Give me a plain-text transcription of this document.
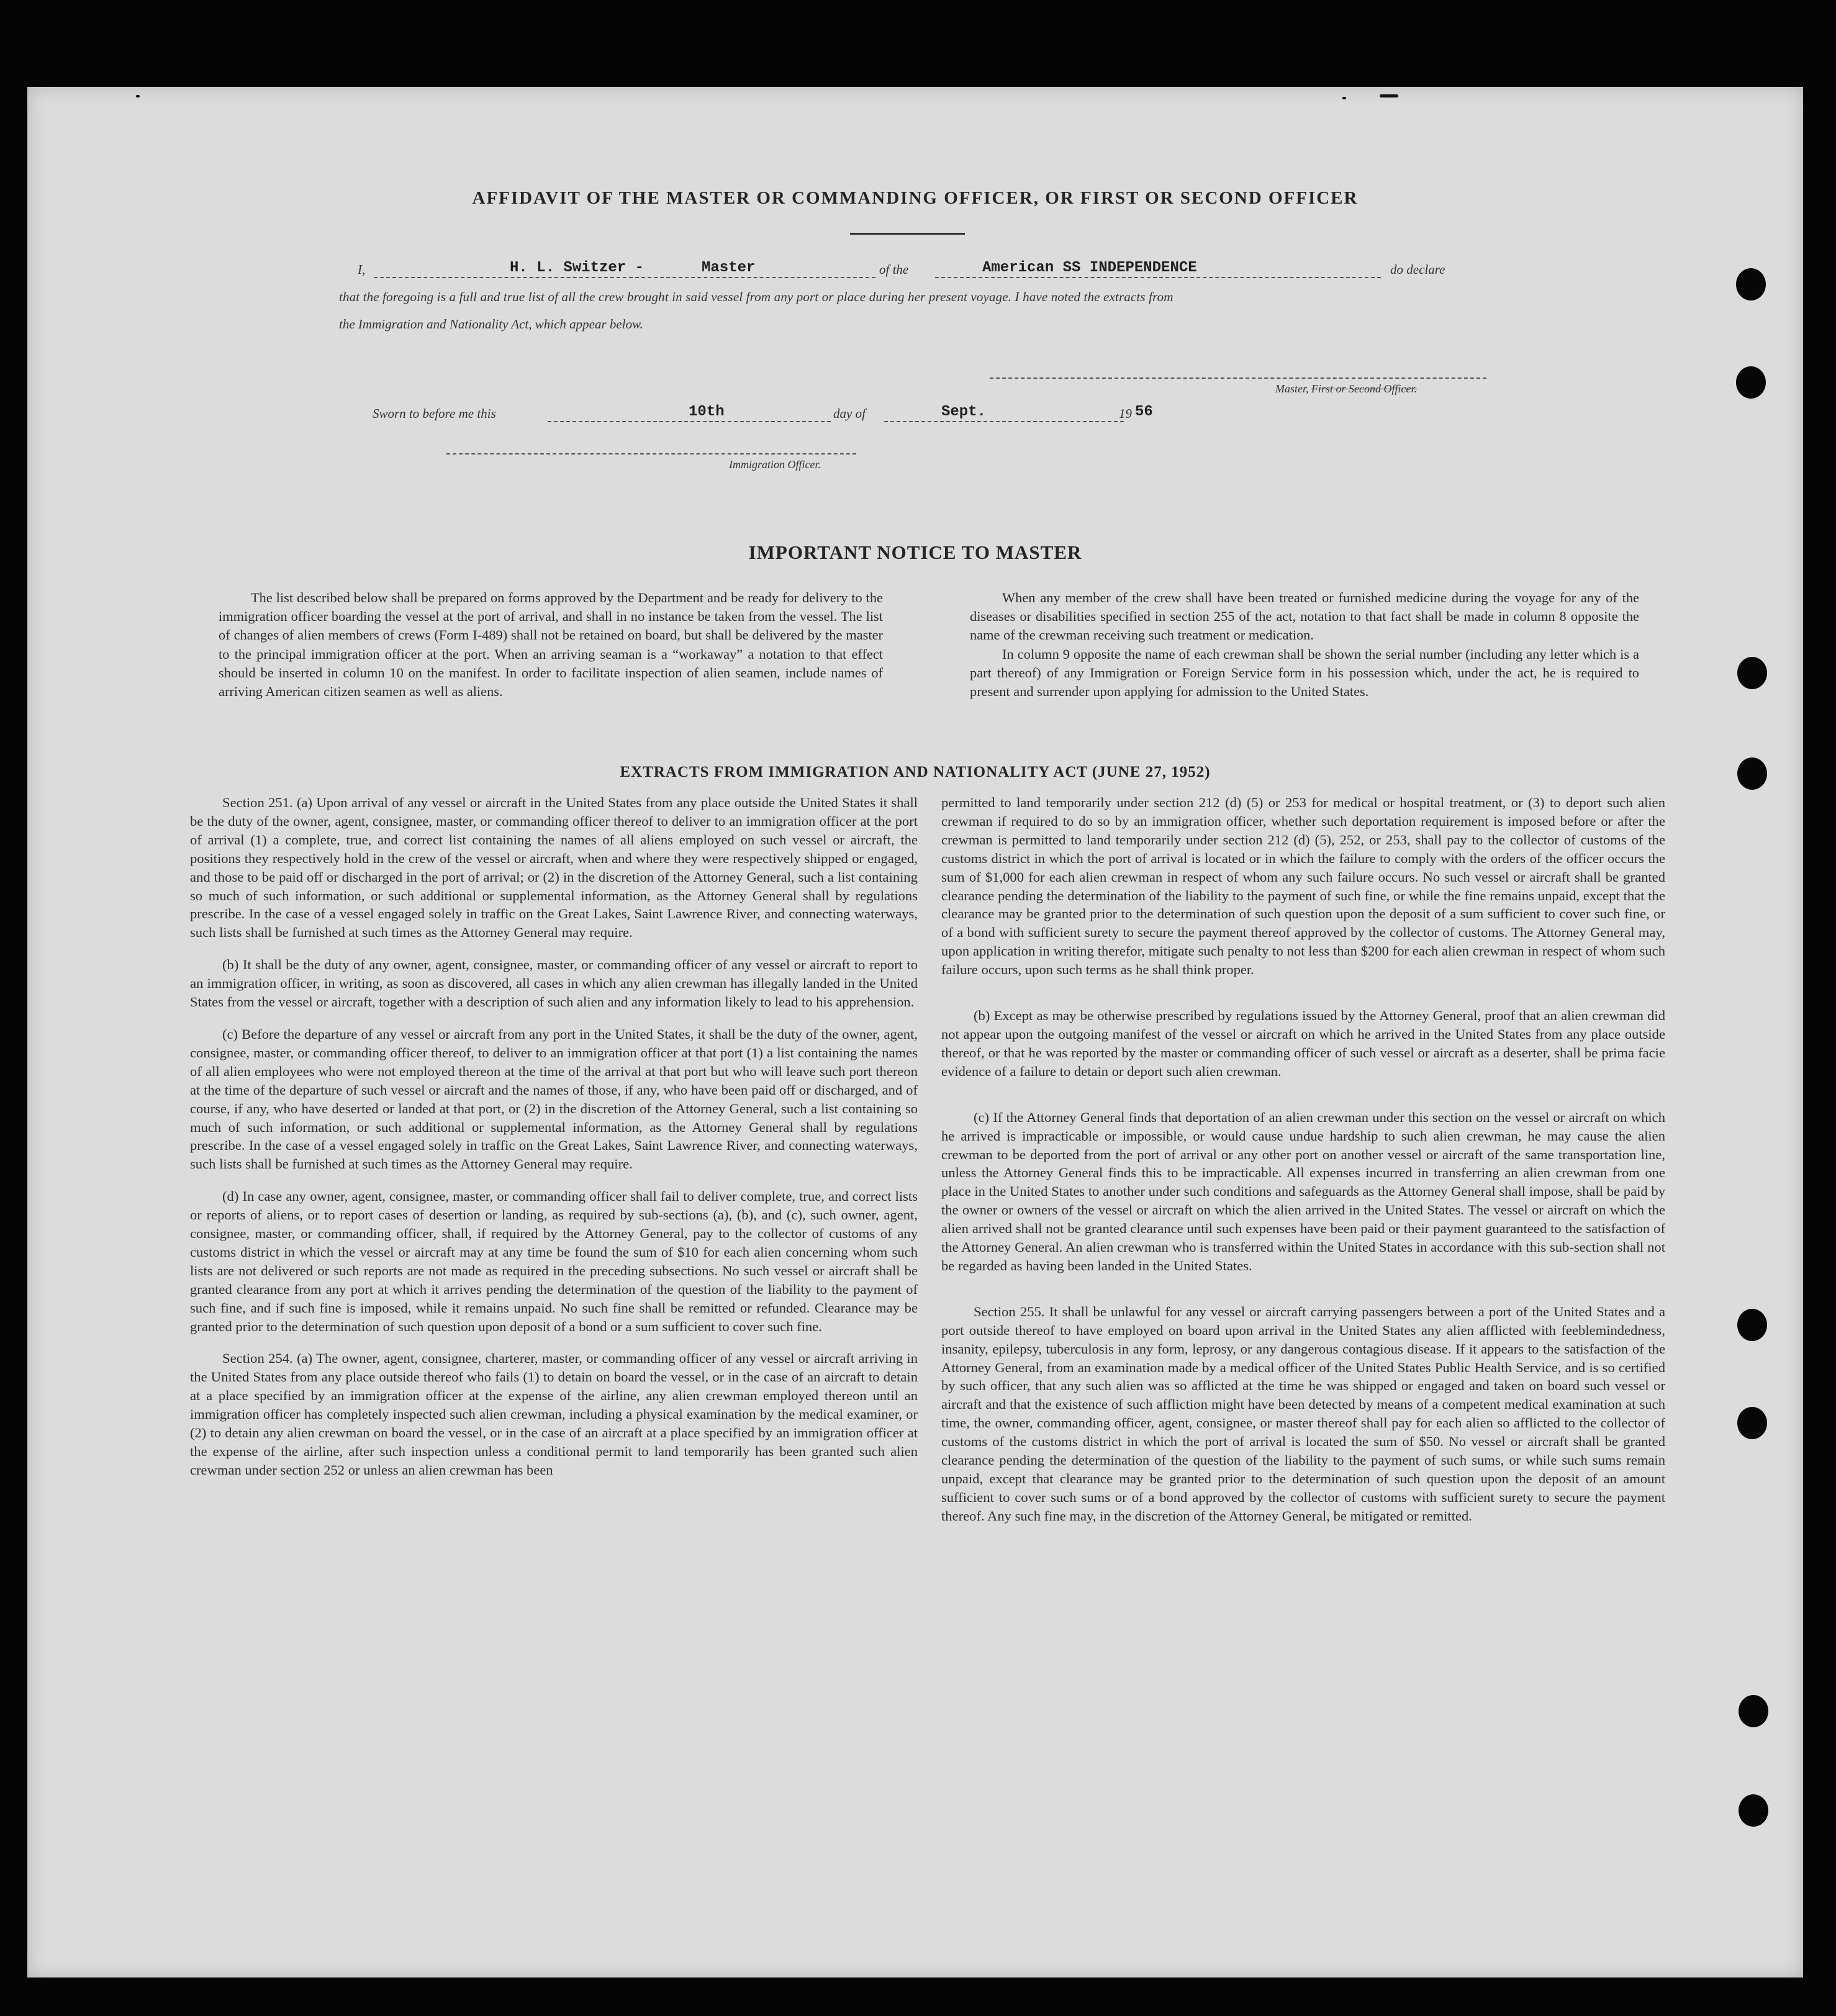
AFFIDAVIT OF THE MASTER OR COMMANDING OFFICER, OR FIRST OR SECOND OFFICER
I,	H. L. Switzer -	Master	of the	American SS INDEPENDENCE	do declare
that the foregoing is a full and true list of all the crew brought in said vessel from any port or place during her present voyage. I have noted the extracts from
the Immigration and Nationality Act, which appear below.
Master, First or Second Officer.
Sworn to before me this	10th	day of	Sept.	19 56
Immigration Officer.
IMPORTANT NOTICE TO MASTER

The list described below shall be prepared on forms approved by the Department and be ready for delivery to the immigration officer boarding the vessel at the port of arrival, and shall in no instance be taken from the vessel. The list of changes of alien members of crews (Form I-489) shall not be retained on board, but shall be delivered by the master to the principal immigration officer at the port. When an arriving seaman is a “workaway” a notation to that effect should be inserted in column 10 on the manifest. In order to facilitate inspection of alien seamen, include names of arriving American citizen seamen as well as aliens.

When any member of the crew shall have been treated or furnished medicine during the voyage for any of the diseases or disabilities specified in section 255 of the act, notation to that fact shall be made in column 8 opposite the name of the crewman receiving such treatment or medication.

In column 9 opposite the name of each crewman shall be shown the serial number (including any letter which is a part thereof) of any Immigration or Foreign Service form in his possession which, under the act, he is required to present and surrender upon applying for admission to the United States.

EXTRACTS FROM IMMIGRATION AND NATIONALITY ACT (JUNE 27, 1952)

Section 251. (a) Upon arrival of any vessel or aircraft in the United States from any place outside the United States it shall be the duty of the owner, agent, consignee, master, or commanding officer thereof to deliver to an immigration officer at the port of arrival (1) a complete, true, and correct list containing the names of all aliens employed on such vessel or aircraft, the positions they respectively hold in the crew of the vessel or aircraft, when and where they were respectively shipped or engaged, and those to be paid off or discharged in the port of arrival; or (2) in the discretion of the Attorney General, such a list containing so much of such information, or such additional or supplemental information, as the Attorney General shall by regulations prescribe. In the case of a vessel engaged solely in traffic on the Great Lakes, Saint Lawrence River, and connecting waterways, such lists shall be furnished at such times as the Attorney General may require.

(b) It shall be the duty of any owner, agent, consignee, master, or commanding officer of any vessel or aircraft to report to an immigration officer, in writing, as soon as discovered, all cases in which any alien crewman has illegally landed in the United States from the vessel or aircraft, together with a description of such alien and any information likely to lead to his apprehension.

(c) Before the departure of any vessel or aircraft from any port in the United States, it shall be the duty of the owner, agent, consignee, master, or commanding officer thereof, to deliver to an immigration officer at that port (1) a list containing the names of all alien employees who were not employed thereon at the time of the arrival at that port but who will leave such port thereon at the time of the departure of such vessel or aircraft and the names of those, if any, who have been paid off or discharged, and of course, if any, who have deserted or landed at that port, or (2) in the discretion of the Attorney General, such a list containing so much of such information, or such additional or supplemental information, as the Attorney General shall by regulations prescribe. In the case of a vessel engaged solely in traffic on the Great Lakes, Saint Lawrence River, and connecting waterways, such lists shall be furnished at such times as the Attorney General may require.

(d) In case any owner, agent, consignee, master, or commanding officer shall fail to deliver complete, true, and correct lists or reports of aliens, or to report cases of desertion or landing, as required by sub-sections (a), (b), and (c), such owner, agent, consignee, master, or commanding officer, shall, if required by the Attorney General, pay to the collector of customs of any customs district in which the vessel or aircraft may at any time be found the sum of $10 for each alien concerning whom such lists are not delivered or such reports are not made as required in the preceding subsections. No such vessel or aircraft shall be granted clearance from any port at which it arrives pending the determination of the question of the liability to the payment of such fine, and if such fine is imposed, while it remains unpaid. No such fine shall be remitted or refunded. Clearance may be granted prior to the determination of such question upon deposit of a bond or a sum sufficient to cover such fine.

Section 254. (a) The owner, agent, consignee, charterer, master, or commanding officer of any vessel or aircraft arriving in the United States from any place outside thereof who fails (1) to detain on board the vessel, or in the case of an aircraft to detain at a place specified by an immigration officer at the expense of the airline, any alien crewman employed thereon until an immigration officer has completely inspected such alien crewman, including a physical examination by the medical examiner, or (2) to detain any alien crewman on board the vessel, or in the case of an aircraft at a place specified by an immigration officer at the expense of the airline, after such inspection unless a conditional permit to land temporarily has been granted such alien crewman under section 252 or unless an alien crewman has been

permitted to land temporarily under section 212 (d) (5) or 253 for medical or hospital treatment, or (3) to deport such alien crewman if required to do so by an immigration officer, whether such deportation requirement is imposed before or after the crewman is permitted to land temporarily under section 212 (d) (5), 252, or 253, shall pay to the collector of customs of the customs district in which the port of arrival is located or in which the failure to comply with the orders of the officer occurs the sum of $1,000 for each alien crewman in respect of whom any such failure occurs. No such vessel or aircraft shall be granted clearance pending the determination of the liability to the payment of such fine, or while the fine remains unpaid, except that the clearance may be granted prior to the determination of such question upon the deposit of a sum sufficient to cover such fine, or of a bond with sufficient surety to secure the payment thereof approved by the collector of customs. The Attorney General may, upon application in writing therefor, mitigate such penalty to not less than $200 for each alien crewman in respect of whom such failure occurs, upon such terms as he shall think proper.

(b) Except as may be otherwise prescribed by regulations issued by the Attorney General, proof that an alien crewman did not appear upon the outgoing manifest of the vessel or aircraft on which he arrived in the United States from any place outside thereof, or that he was reported by the master or commanding officer of such vessel or aircraft as a deserter, shall be prima facie evidence of a failure to detain or deport such alien crewman.

(c) If the Attorney General finds that deportation of an alien crewman under this section on the vessel or aircraft on which he arrived is impracticable or impossible, or would cause undue hardship to such alien crewman, he may cause the alien crewman to be deported from the port of arrival or any other port on another vessel or aircraft of the same transportation line, unless the Attorney General finds this to be impracticable. All expenses incurred in transferring an alien crewman from one place in the United States to another under such conditions and safeguards as the Attorney General shall impose, shall be paid by the owner or owners of the vessel or aircraft on which the alien arrived in the United States. The vessel or aircraft on which the alien arrived shall not be granted clearance until such expenses have been paid or their payment guaranteed to the satisfaction of the Attorney General. An alien crewman who is transferred within the United States in accordance with this sub-section shall not be regarded as having been landed in the United States.

Section 255. It shall be unlawful for any vessel or aircraft carrying passengers between a port of the United States and a port outside thereof to have employed on board upon arrival in the United States any alien afflicted with feeblemindedness, insanity, epilepsy, tuberculosis in any form, leprosy, or any dangerous contagious disease. If it appears to the satisfaction of the Attorney General, from an examination made by a medical officer of the United States Public Health Service, and is so certified by such officer, that any such alien was so afflicted at the time he was shipped or engaged and taken on board such vessel or aircraft and that the existence of such affliction might have been detected by means of a competent medical examination at such time, the owner, commanding officer, agent, consignee, or master thereof shall pay for each alien so afflicted to the collector of customs of the customs district in which the port of arrival is located the sum of $50. No vessel or aircraft shall be granted clearance pending the determination of the question of the liability to the payment of such sums, or while such sums remain unpaid, except that clearance may be granted prior to the determination of such question upon the deposit of an amount sufficient to cover such sums or of a bond approved by the collector of customs with sufficient surety to secure the payment thereof. Any such fine may, in the discretion of the Attorney General, be mitigated or remitted.
